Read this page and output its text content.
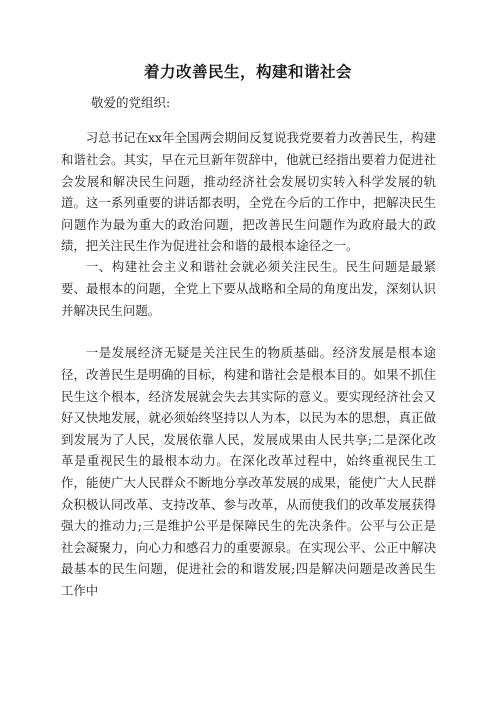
着力改善民生，构建和谐社会
敬爱的党组织:

习总书记在xx年全国两会期间反复说我党要着力改善民生，构建和谐社会。其实，早在元旦新年贺辞中，他就已经指出要着力促进社会发展和解决民生问题，推动经济社会发展切实转入科学发展的轨道。这一系列重要的讲话都表明，全党在今后的工作中，把解决民生问题作为最为重大的政治问题，把改善民生问题作为政府最大的政绩，把关注民生作为促进社会和谐的最根本途径之一。

一、构建社会主义和谐社会就必须关注民生。民生问题是最紧要、最根本的问题，全党上下要从战略和全局的角度出发，深刻认识并解决民生问题。

一是发展经济无疑是关注民生的物质基础。经济发展是根本途径，改善民生是明确的目标，构建和谐社会是根本目的。如果不抓住民生这个根本，经济发展就会失去其实际的意义。要实现经济社会又好又快地发展，就必须始终坚持以人为本，以民为本的思想，真正做到发展为了人民，发展依靠人民，发展成果由人民共享;二是深化改革是重视民生的最根本动力。在深化改革过程中，始终重视民生工作，能使广大人民群众不断地分享改革发展的成果，能使广大人民群众积极认同改革、支持改革、参与改革，从而使我们的改革发展获得强大的推动力;三是维护公平是保障民生的先决条件。公平与公正是社会凝聚力，向心力和感召力的重要源泉。在实现公平、公正中解决最基本的民生问题，促进社会的和谐发展;四是解决问题是改善民生工作中
